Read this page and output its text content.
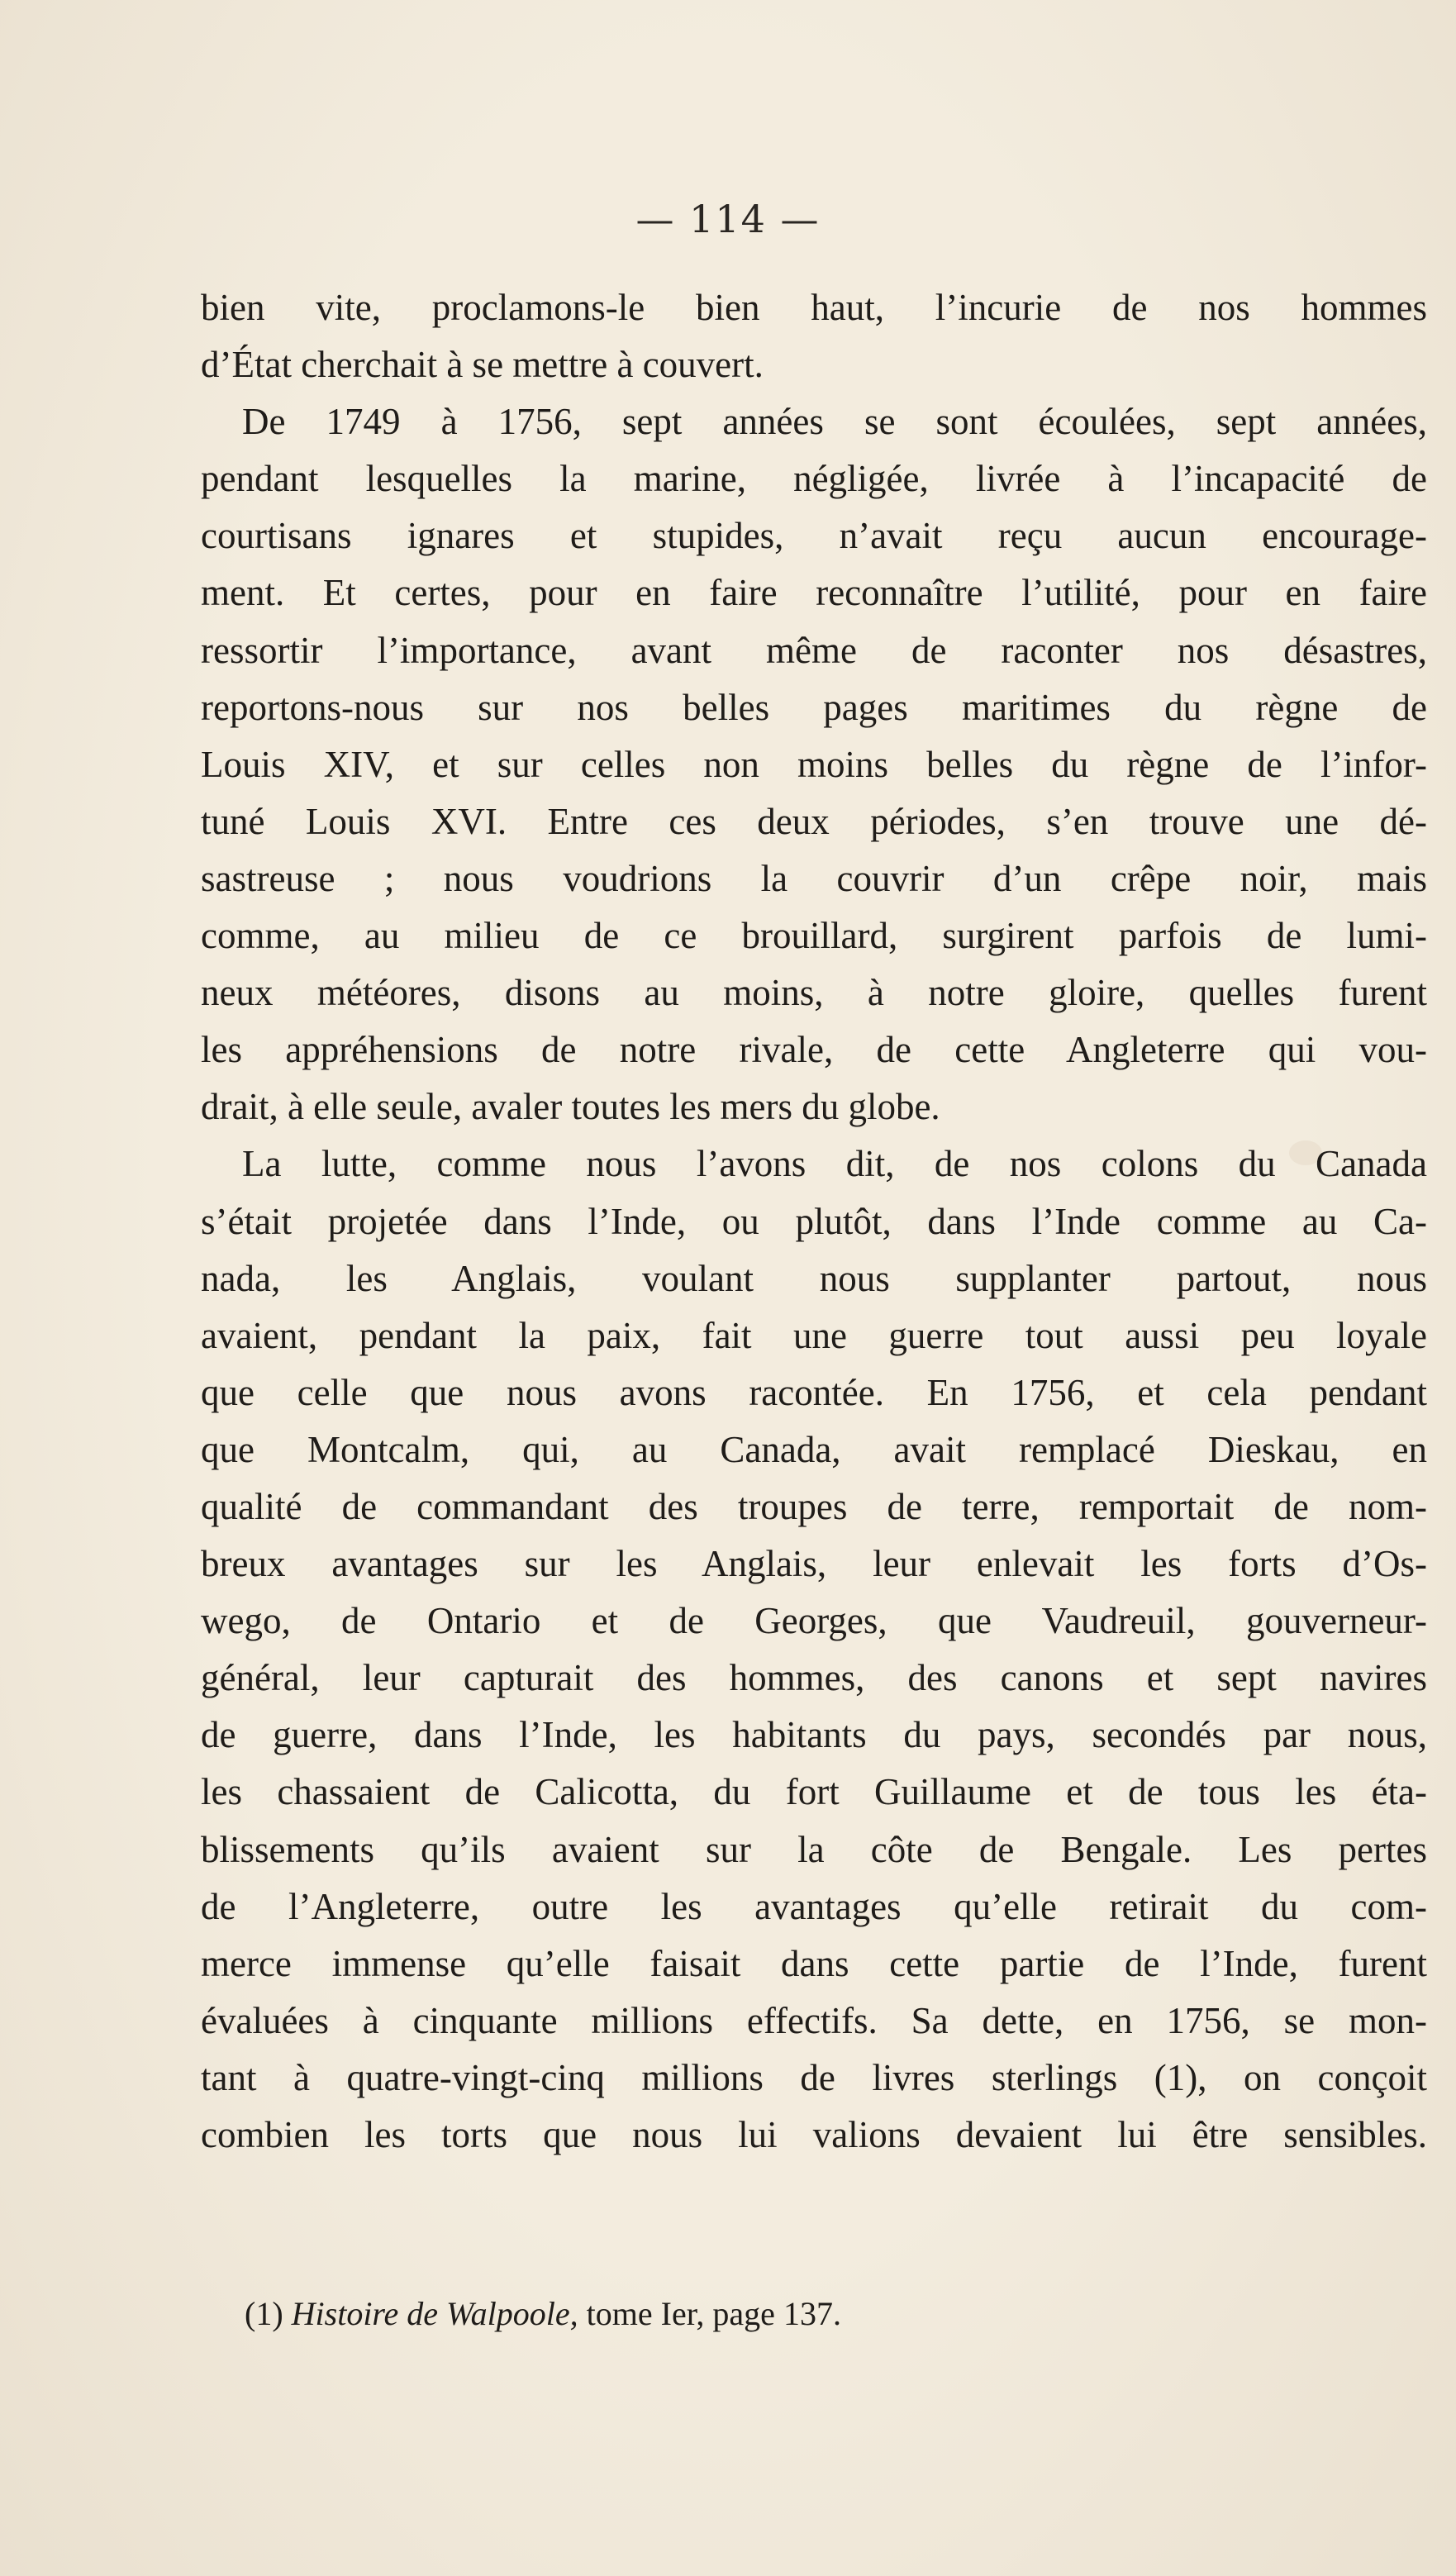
— 114 —
bien vite, proclamons-le bien haut, l’incurie de nos hommes
d’État cherchait à se mettre à couvert.
De 1749 à 1756, sept années se sont écoulées, sept années,
pendant lesquelles la marine, négligée, livrée à l’incapacité de
courtisans ignares et stupides, n’avait reçu aucun encourage-
ment. Et certes, pour en faire reconnaître l’utilité, pour en faire
ressortir l’importance, avant même de raconter nos désastres,
reportons-nous sur nos belles pages maritimes du règne de
Louis XIV, et sur celles non moins belles du règne de l’infor-
tuné Louis XVI. Entre ces deux périodes, s’en trouve une dé-
sastreuse ; nous voudrions la couvrir d’un crêpe noir, mais
comme, au milieu de ce brouillard, surgirent parfois de lumi-
neux météores, disons au moins, à notre gloire, quelles furent
les appréhensions de notre rivale, de cette Angleterre qui vou-
drait, à elle seule, avaler toutes les mers du globe.
La lutte, comme nous l’avons dit, de nos colons du Canada
s’était projetée dans l’Inde, ou plutôt, dans l’Inde comme au Ca-
nada, les Anglais, voulant nous supplanter partout, nous
avaient, pendant la paix, fait une guerre tout aussi peu loyale
que celle que nous avons racontée. En 1756, et cela pendant
que Montcalm, qui, au Canada, avait remplacé Dieskau, en
qualité de commandant des troupes de terre, remportait de nom-
breux avantages sur les Anglais, leur enlevait les forts d’Os-
wego, de Ontario et de Georges, que Vaudreuil, gouverneur-
général, leur capturait des hommes, des canons et sept navires
de guerre, dans l’Inde, les habitants du pays, secondés par nous,
les chassaient de Calicotta, du fort Guillaume et de tous les éta-
blissements qu’ils avaient sur la côte de Bengale. Les pertes
de l’Angleterre, outre les avantages qu’elle retirait du com-
merce immense qu’elle faisait dans cette partie de l’Inde, furent
évaluées à cinquante millions effectifs. Sa dette, en 1756, se mon-
tant à quatre-vingt-cinq millions de livres sterlings (1), on conçoit
combien les torts que nous lui valions devaient lui être sensibles.
(1) Histoire de Walpoole, tome Ier, page 137.
